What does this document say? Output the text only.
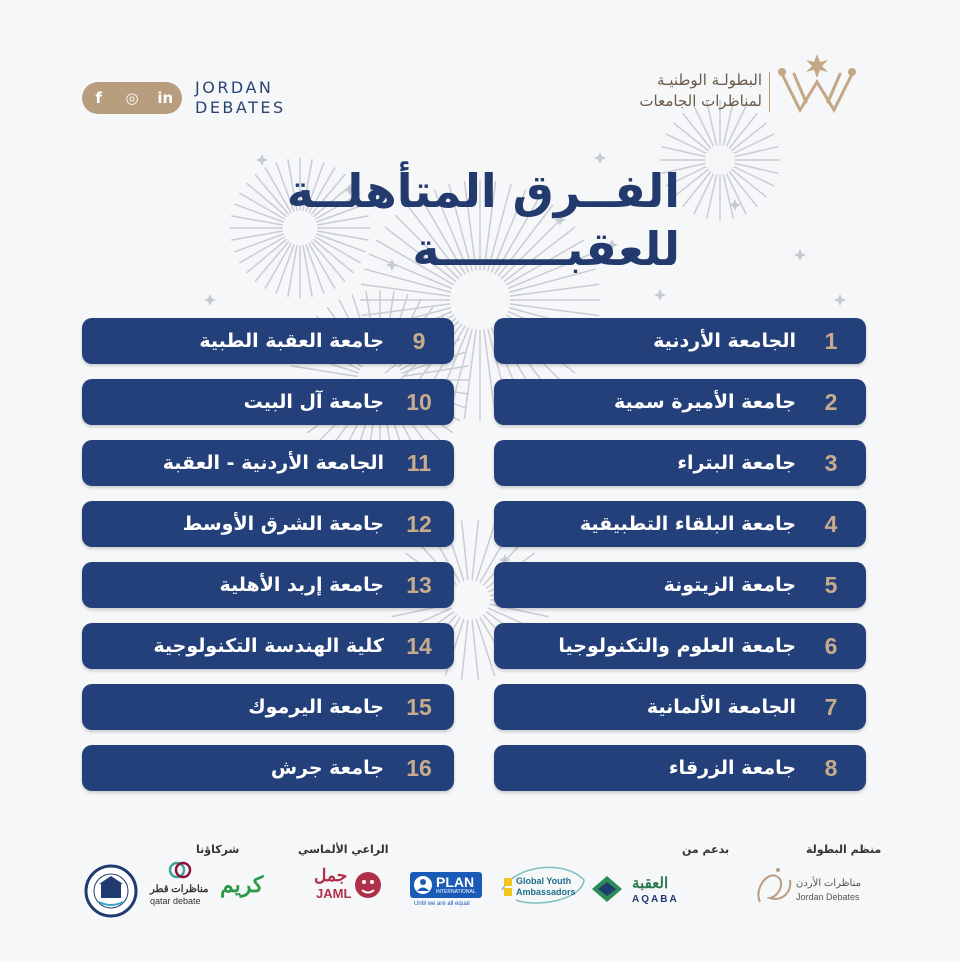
f	◎	in
JORDAN
DEBATES
البطولـة الوطنيـة
لمناظرات الجامعات
الفــرق المتأهلــة
للعقبــــــــة
1
الجامعة الأردنية
2
جامعة الأميرة سمية
3
جامعة البتراء
4
جامعة البلقاء التطبيقية
5
جامعة الزيتونة
6
جامعة العلوم والتكنولوجيا
7
الجامعة الألمانية
8
جامعة الزرقاء
9
جامعة العقبة الطبية
10
جامعة آل البيت
11
الجامعة الأردنية - العقبة
12
جامعة الشرق الأوسط
13
جامعة إربد الأهلية
14
كلية الهندسة التكنولوجية
15
جامعة اليرموك
16
جامعة جرش
منظم البطولة
بدعم من
الراعي الألماسي
شركاؤنا
مناظرات الأردن
Jordan Debates
العقبة
AQABA
Global Youth
Ambassadors
PLAN
INTERNATIONAL
Until we are all equal
جمل
JAML
كريم
مناظرات قطر
qatar debate
